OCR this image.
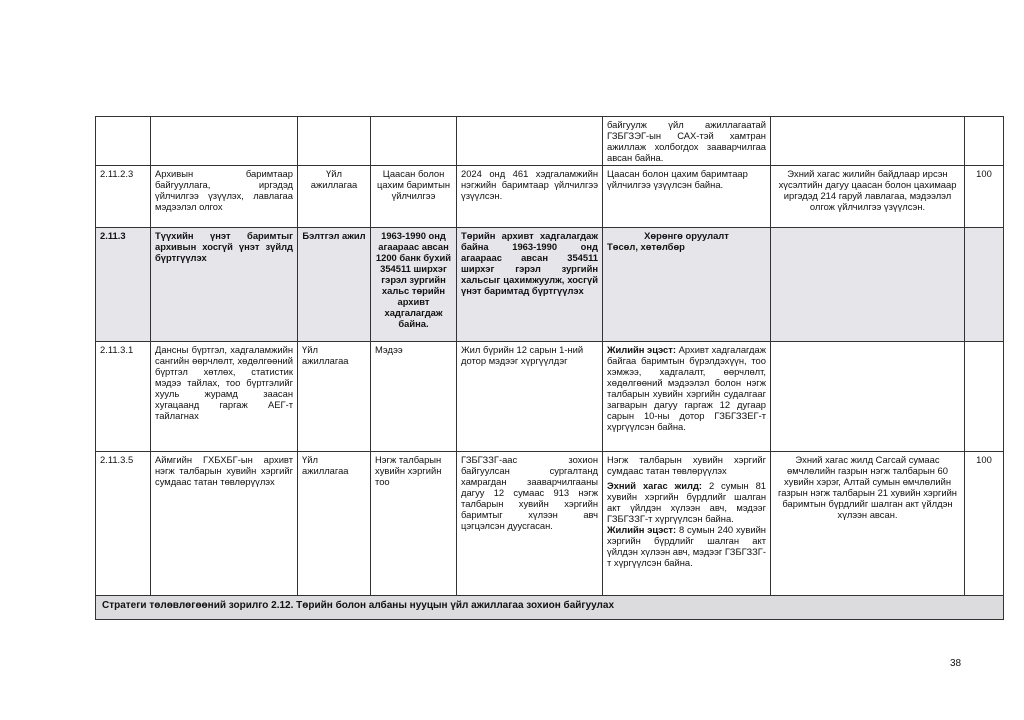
					байгуулж үйл ажиллагаатай ГЗБГЗЭГ-ын САХ-тэй хамтран ажиллаж холбогдох зааварчилгаа авсан байна.		
2.11.2.3	Архивын баримтаар байгууллага, иргэдэд үйлчилгээ үзүүлэх, лавлагаа мэдээлэл олгох	Үйл ажиллагаа	Цаасан болон цахим баримтын үйлчилгээ	2024 онд 461 хэдгаламжийн нэгжийн баримтаар үйлчилгээ үзүүлсэн.	Цаасан болон цахим баримтаар үйлчилгээ үзүүлсэн байна.	Эхний хагас жилийн байдлаар ирсэн хүсэлтийн дагуу цаасан болон цахимаар иргэдэд 214 гаруй лавлагаа, мэдээлэл олгож үйлчилгээ үзүүлсэн.	100
2.11.3	Түүхийн үнэт баримтыг архивын хосгүй үнэт зүйлд бүртгүүлэх	Бэлтгэл ажил	1963-1990 онд агаараас авсан 1200 банк бухий 354511 ширхэг гэрэл зургийн хальс төрийн архивт хадгалагдаж байна.	Төрийн архивт хадгалагдаж байна 1963-1990 онд агаараас авсан 354511 ширхэг гэрэл зургийн хальсыг цахимжуулж, хосгүй үнэт баримтад бүртгүүлэх	Хөрөнгө оруулалт
Төсөл, хөтөлбөр		

2.11.3.1	Дансны бүртгэл, хадгаламжийн сангийн өөрчлөлт, хөдөлгөөний бүртгэл хөтлөх, статистик мэдээ тайлах, тоо бүртгэлийг хууль журамд заасан хугацаанд гаргаж АЕГ-т тайлагнах	Үйл ажиллагаа	Мэдээ	Жил бүрийн 12 сарын 1-ний дотор мэдээг хүргүүлдэг	Жилийн эцэст: Архивт хадгалагдаж байгаа баримтын бүрэлдэхүүн, тоо хэмжээ, хадгалалт, өөрчлөлт, хөдөлгөөний мэдээлэл болон нэгж талбарын хувийн хэргийн судалгааг загварын дагуу гаргаж 12 дугаар сарын 10-ны дотор ГЗБГЗЗЕГ-т хүргүүлсэн байна.		
2.11.3.5	Аймгийн ГХБХБГ-ын архивт нэгж талбарын хувийн хэргийг сумдаас татан төвлөрүүлэх	Үйл ажиллагаа	Нэгж талбарын хувийн хэргийн тоо	ГЗБГЗЗГ-аас зохион байгуулсан сургалтанд хамрагдан зааварчилгааны дагуу 12 сумаас 913 нэгж талбарын хувийн хэргийн баримтыг хүлээн авч цэгцэлсэн дуусгасан.	Нэгж талбарын хувийн хэргийг сумдаас татан төвлөрүүлэх
Эхний хагас жилд: 2 сумын 81 хувийн хэргийн бүрдлийг шалган акт үйлдэн хүлээн авч, мэдээг ГЗБГЗЗГ-т хүргүүлсэн байна.
Жилийн эцэст: 8 сумын 240 хувийн хэргийн бүрдлийг шалган акт үйлдэн хүлээн авч, мэдээг ГЗБГЗЗГ-т хүргүүлсэн байна.	Эхний хагас жилд Сагсай сумаас өмчлөлийн газрын нэгж талбарын 60 хувийн хэрэг, Алтай сумын өмчлөлийн газрын нэгж талбарын 21 хувийн хэргийн баримтын бүрдлийг шалган акт үйлдэн хүлээн авсан.	100
Стратеги төлөвлөгөөний зорилго 2.12. Төрийн болон албаны нууцын үйл ажиллагаа зохион байгуулах							
38
